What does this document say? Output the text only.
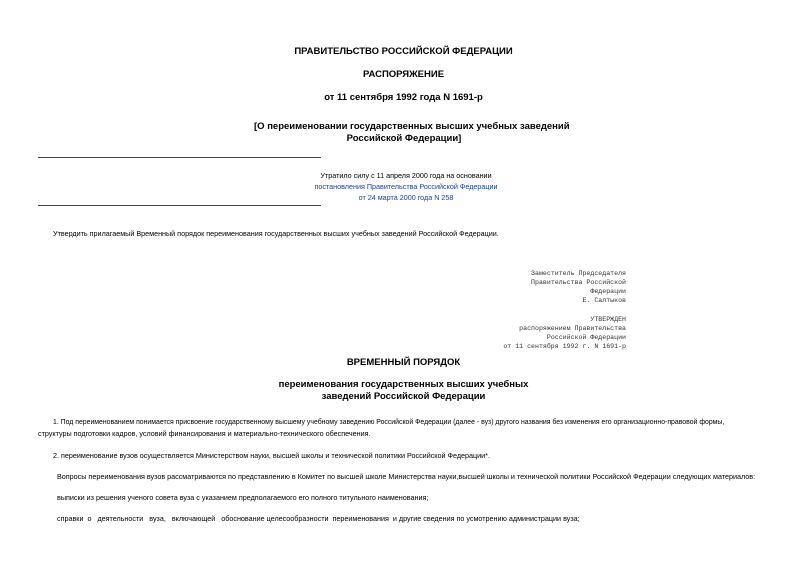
ПРАВИТЕЛЬСТВО РОССИЙСКОЙ ФЕДЕРАЦИИ
РАСПОРЯЖЕНИЕ
от 11 сентября 1992 года N 1691-р
[О переименовании государственных высших учебных заведений
Российской Федерации]
Утратило силу с 11 апреля 2000 года на основании
постановления Правительства Российской Федерации
от 24 марта 2000 года N 258
Утвердить прилагаемый Временный порядок переименования государственных высших учебных заведений Российской Федерации.
Заместитель Председателя
Правительства Российской
Федерации
Е. Салтыков
УТВЕРЖДЕН
распоряжением Правительства
Российской Федерации
от 11 сентября 1992 г. N 1691-р
ВРЕМЕННЫЙ ПОРЯДОК
переименования государственных высших учебных
заведений Российской Федерации
1. Под переименованием понимается присвоение государственному высшему учебному заведению Российской Федерации (далее - вуз) другого названия без изменения его организационно-правовой формы,
структуры подготовки кадров, условий финансирования и материально-технического обеспечения.
2. переименование вузов осуществляется Министерством науки, высшей школы и технической политики Российской Федерации*.
Вопросы переименования вузов рассматриваются по представлению в Комитет по высшей школе Министерства науки,высшей школы и технической политики Российской Федерации следующих материалов:
выписки из решения ученого совета вуза с указанием предполагаемого его полного титульного наименования;
справки  о   деятельности   вуза,   включающей   обоснование целесообразности  переименования  и другие сведения по усмотрению администрации вуза;
